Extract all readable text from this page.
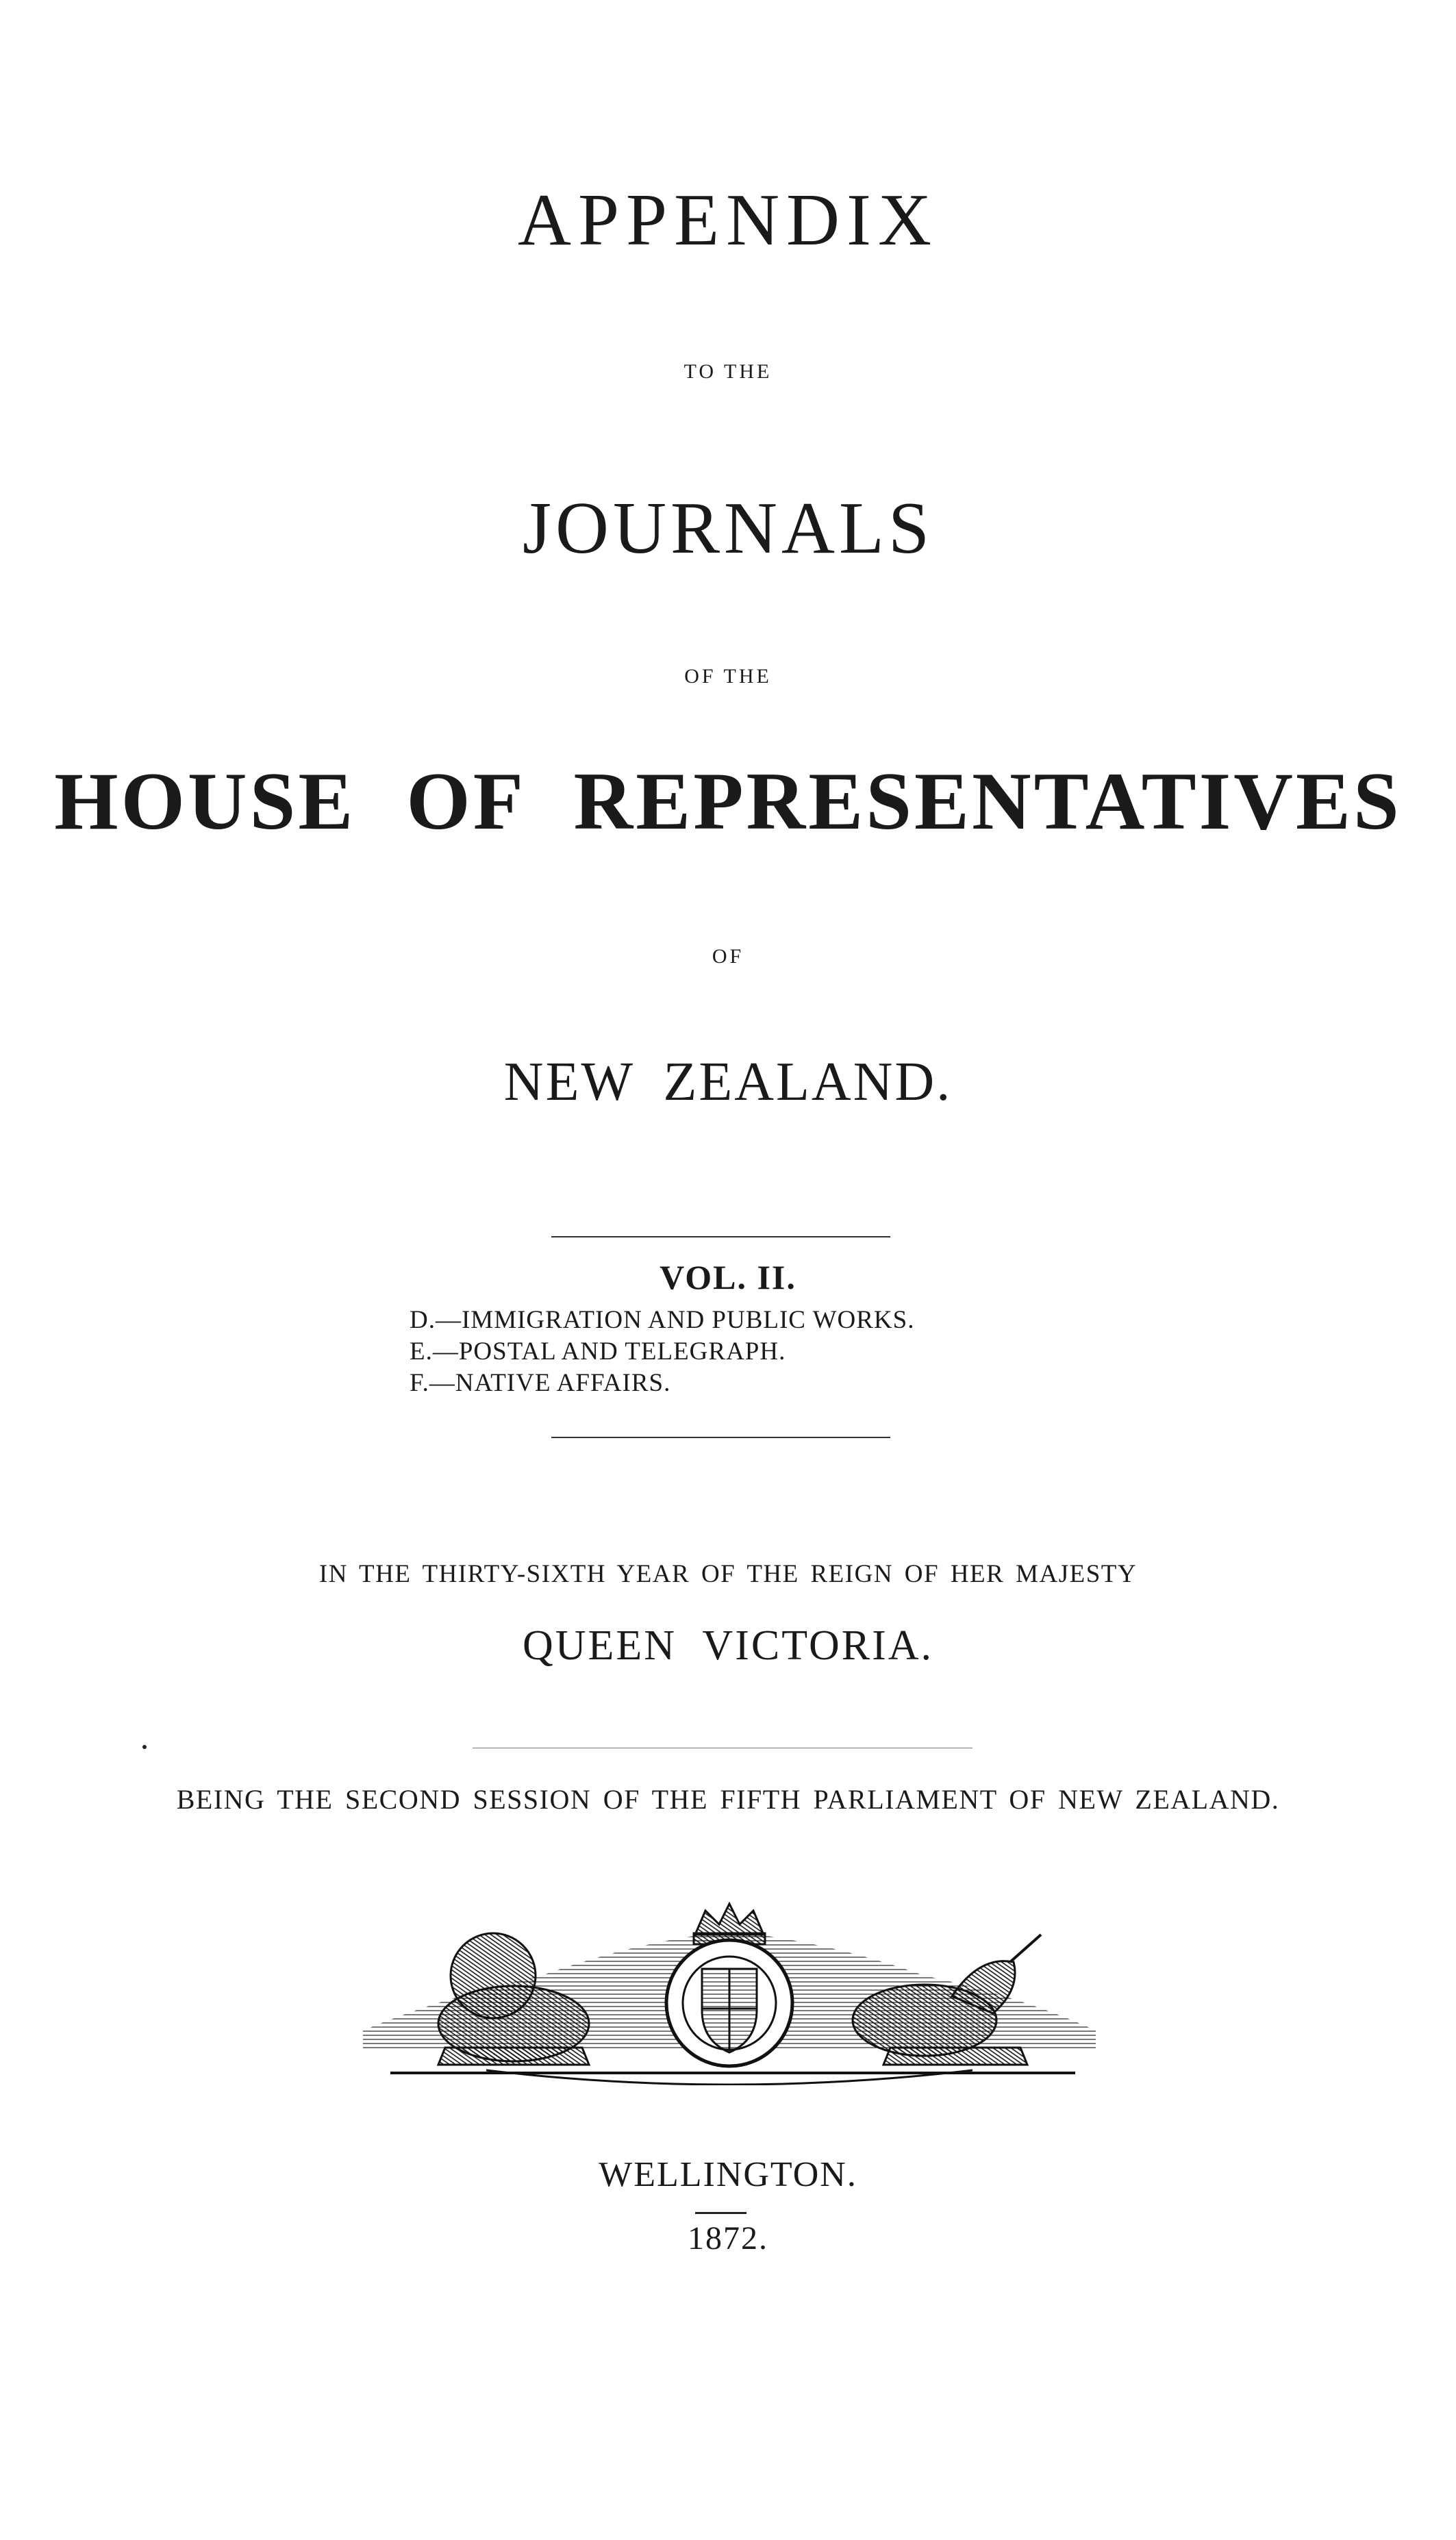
APPENDIX
TO THE
JOURNALS
OF THE
HOUSE OF REPRESENTATIVES
OF
NEW ZEALAND.
VOL. II.
D.—IMMIGRATION AND PUBLIC WORKS.
E.—POSTAL AND TELEGRAPH.
F.—NATIVE AFFAIRS.
IN THE THIRTY-SIXTH YEAR OF THE REIGN OF HER MAJESTY
QUEEN VICTORIA.
BEING THE SECOND SESSION OF THE FIFTH PARLIAMENT OF NEW ZEALAND.
WELLINGTON.
1872.
